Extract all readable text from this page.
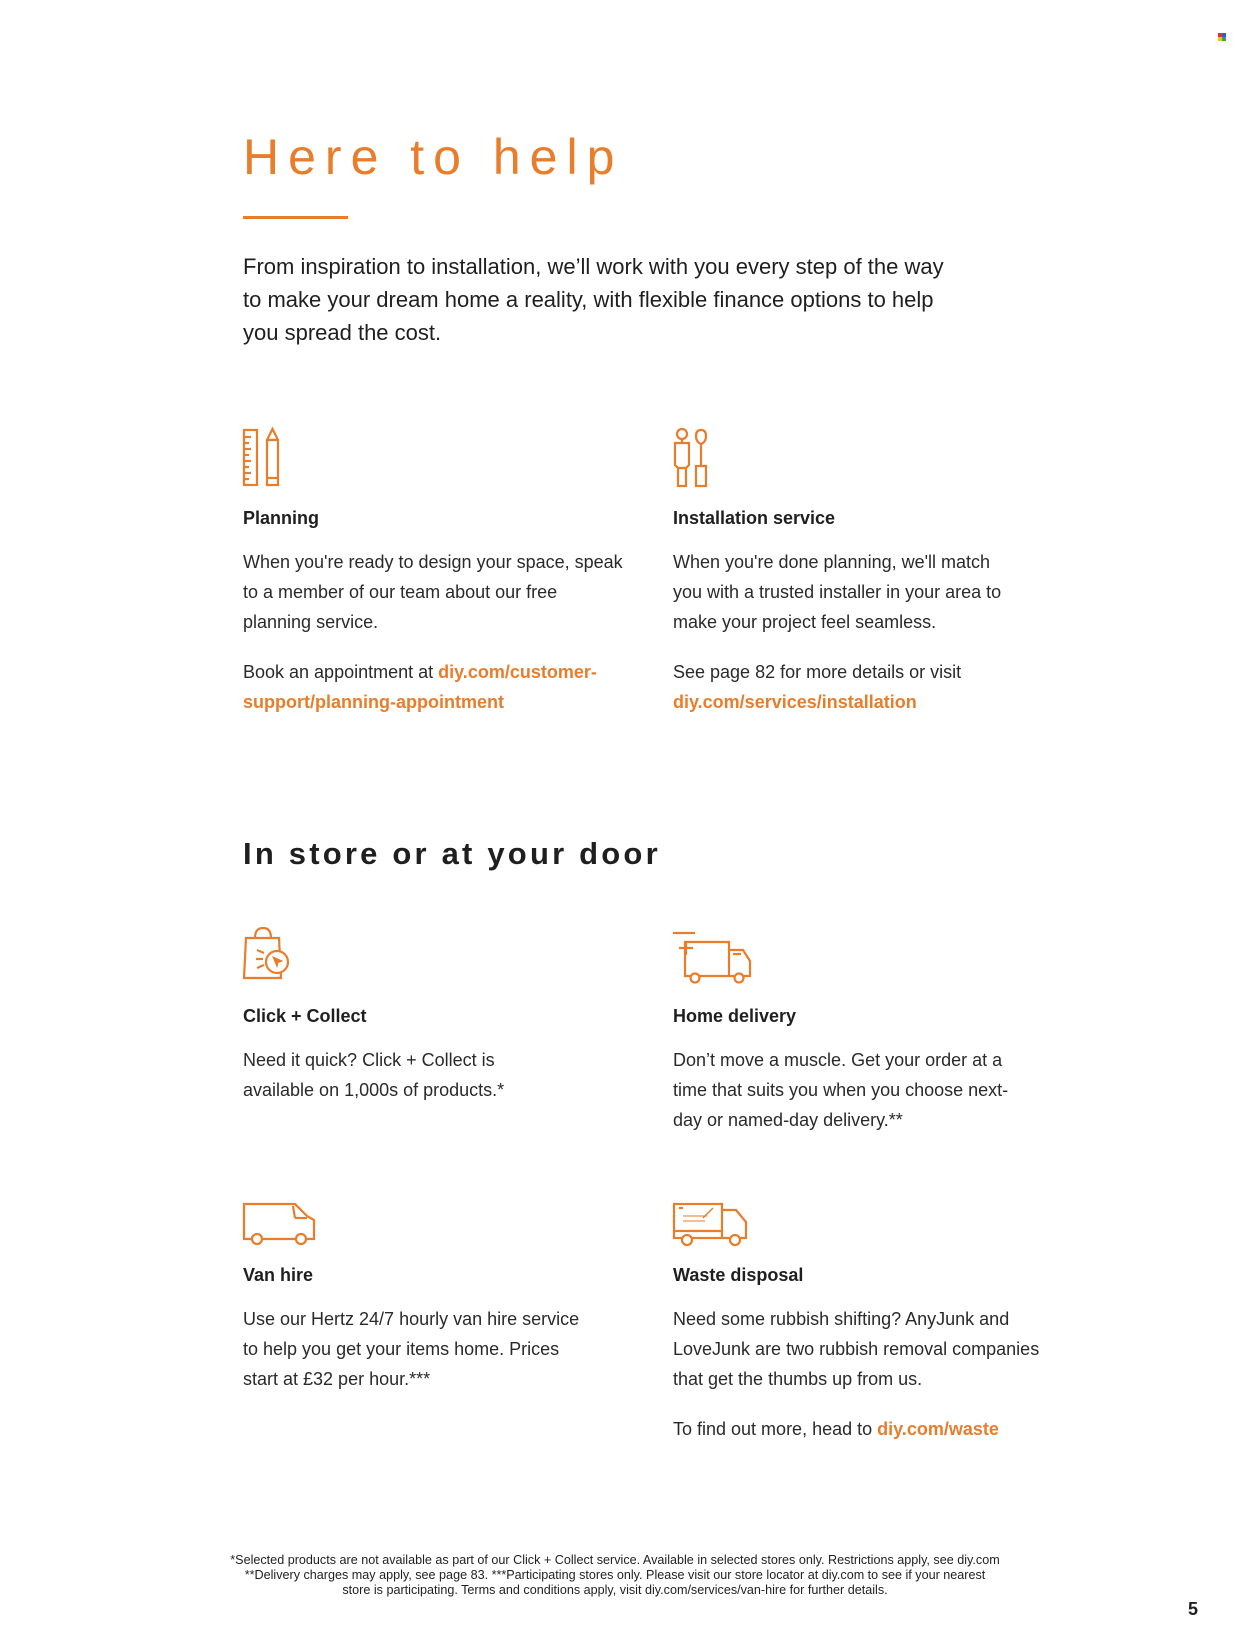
Here to help

From inspiration to installation, we’ll work with you every step of the way to make your dream home a reality, with flexible finance options to help you spread the cost.

Planning

When you're ready to design your space, speak to a member of our team about our free planning service.

Book an appointment at diy.com/customer-
support/planning-appointment

Installation service

When you're done planning, we'll match you with a trusted installer in your area to make your project feel seamless.

See page 82 for more details or visit
diy.com/services/installation

In store or at your door
Click + Collect

Need it quick? Click + Collect is available on 1,000s of products.*

Home delivery

Don’t move a muscle. Get your order at a time that suits you when you choose next-day or named-day delivery.**

Van hire

Use our Hertz 24/7 hourly van hire service to help you get your items home. Prices start at £32 per hour.***

Waste disposal

Need some rubbish shifting? AnyJunk and LoveJunk are two rubbish removal companies that get the thumbs up from us.

To find out more, head to diy.com/waste

*Selected products are not available as part of our Click + Collect service. Available in selected stores only. Restrictions apply, see diy.com
**Delivery charges may apply, see page 83. ***Participating stores only. Please visit our store locator at diy.com to see if your nearest
store is participating. Terms and conditions apply, visit diy.com/services/van-hire for further details.
5
